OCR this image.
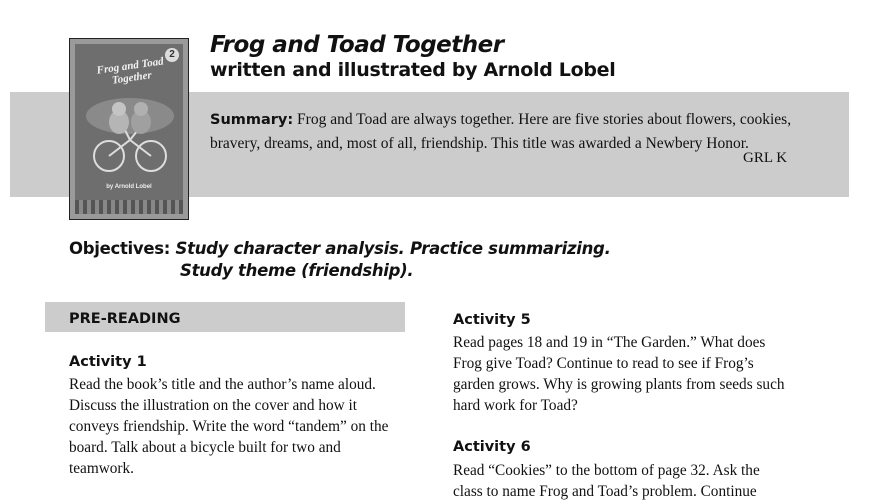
2
Frog and Toad Together
by Arnold Lobel
Frog and Toad Together
written and illustrated by Arnold Lobel
Summary: Frog and Toad are always together. Here are five stories about flowers, cookies, bravery, dreams, and, most of all, friendship. This title was awarded a Newbery Honor.
GRL K
Objectives: Study character analysis. Practice summarizing.
Study theme (friendship).
PRE-READING
Activity 1
Read the book’s title and the author’s name aloud.
Discuss the illustration on the cover and how it
conveys friendship. Write the word “tandem” on the
board. Talk about a bicycle built for two and
teamwork.
Activity 5
Read pages 18 and 19 in “The Garden.” What does
Frog give Toad? Continue to read to see if Frog’s
garden grows. Why is growing plants from seeds such
hard work for Toad?
Activity 6
Read “Cookies” to the bottom of page 32. Ask the
class to name Frog and Toad’s problem. Continue
